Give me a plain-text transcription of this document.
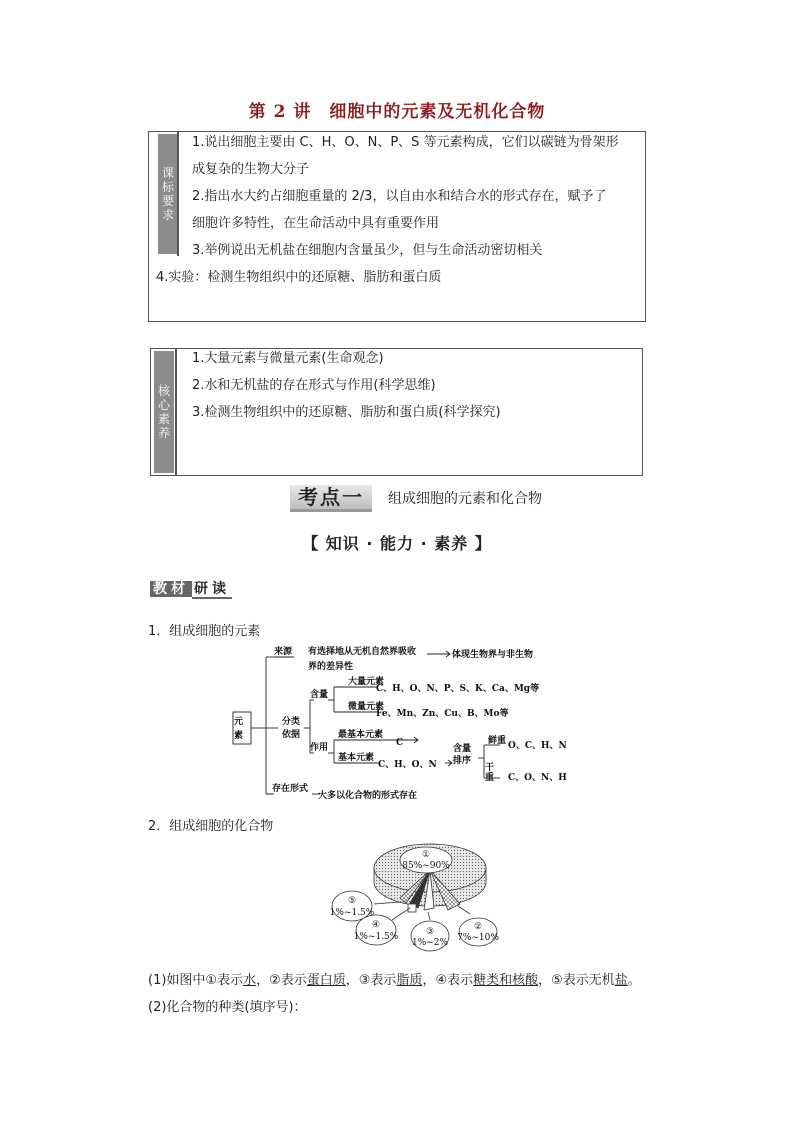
第 2 讲　细胞中的元素及无机化合物
课标要求
1.说出细胞主要由 C、H、O、N、P、S 等元素构成，它们以碳链为骨架形
成复杂的生物大分子
2.指出水大约占细胞重量的 2/3，以自由水和结合水的形式存在，赋予了
细胞许多特性，在生命活动中具有重要作用
3.举例说出无机盐在细胞内含量虽少，但与生命活动密切相关
4.实验：检测生物组织中的还原糖、脂肪和蛋白质
核心素养
1.大量元素与微量元素(生命观念)
2.水和无机盐的存在形式与作用(科学思维)
3.检测生物组织中的还原糖、脂肪和蛋白质(科学探究)
考点一	组成细胞的元素和化合物
【 知识 · 能力 · 素养 】
教材 研读
1．组成细胞的元素
元
素
来源 有选择地从无机自然界吸收	体现生物界与非生物
界的差异性
分类
依据
含量
大量元素
C、H、O、N、P、S、K、Ca、Mg等
微量元素
Fe、Mn、Zn、Cu、B、Mo等
作用
最基本元素
C
基本元素
C、H、O、N
含量
排序
鲜重 O、C、H、N
干
重 C、O、N、H
存在形式
大多以化合物的形式存在
2．组成细胞的化合物
①
85%~90%
②
7%~10%
③
1%~2%
④
1%~1.5%
⑤
1%~1.5%
(1)如图中①表示水，②表示蛋白质，③表示脂质，④表示糖类和核酸，⑤表示无机盐。
(2)化合物的种类(填序号)：
